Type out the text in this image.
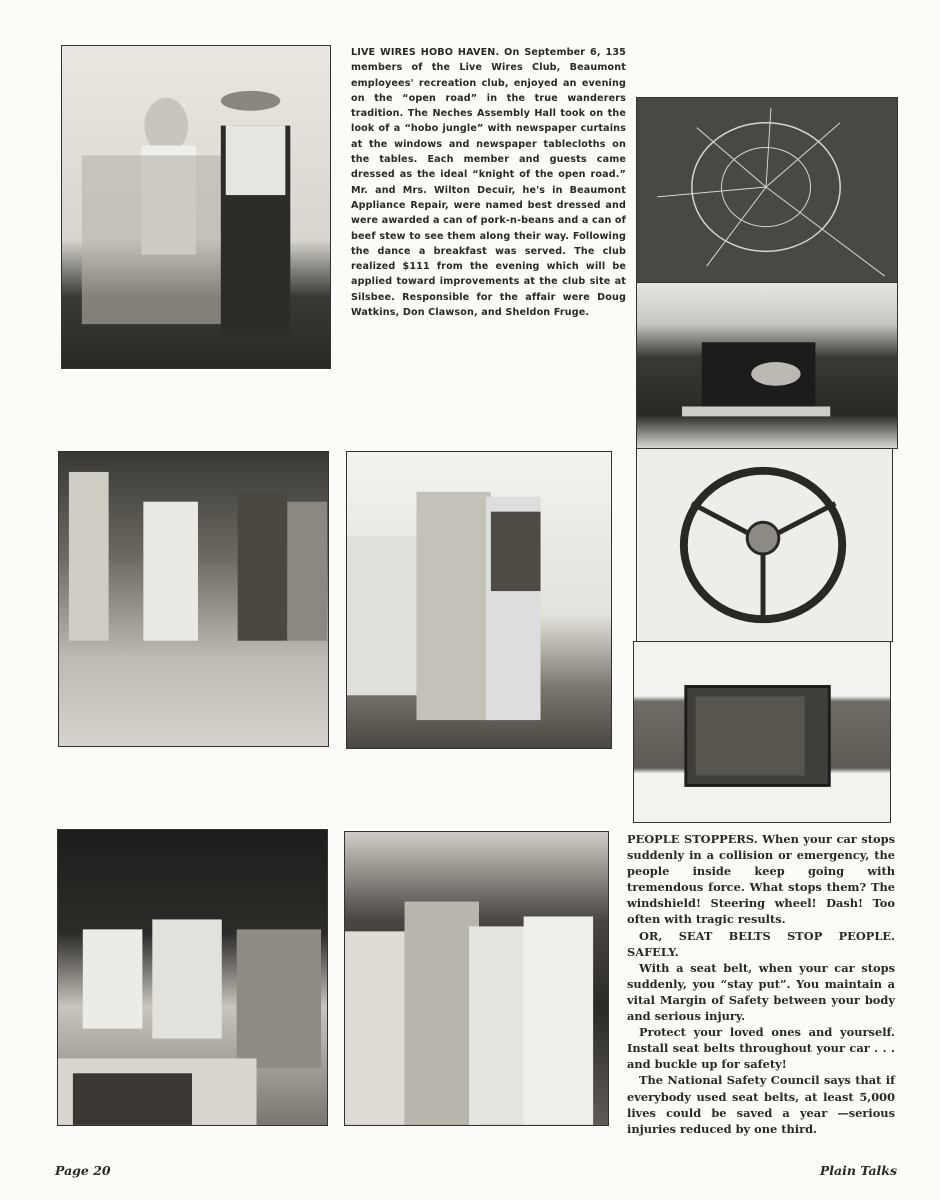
LIVE WIRES HOBO HAVEN. On September 6, 135 members of the Live Wires Club, Beaumont employees' recreation club, enjoyed an evening on the “open road” in the true wanderers tradition. The Neches Assembly Hall took on the look of a “hobo jungle” with newspaper curtains at the windows and newspaper tablecloths on the tables. Each member and guests came dressed as the ideal “knight of the open road.” Mr. and Mrs. Wilton Decuir, he's in Beaumont Appliance Repair, were named best dressed and were awarded a can of pork-n-beans and a can of beef stew to see them along their way. Following the dance a breakfast was served. The club realized $111 from the evening which will be applied toward improvements at the club site at Silsbee. Responsible for the affair were Doug Watkins, Don Clawson, and Sheldon Fruge.

PEOPLE STOPPERS. When your car stops suddenly in a collision or emergency, the people inside keep going with tremendous force. What stops them? The windshield! Steering wheel! Dash! Too often with tragic results.

OR, SEAT BELTS STOP PEOPLE. SAFELY.

With a seat belt, when your car stops suddenly, you “stay put”. You maintain a vital Margin of Safety between your body and serious injury.

Protect your loved ones and yourself. Install seat belts throughout your car . . . and buckle up for safety!

The National Safety Council says that if everybody used seat belts, at least 5,000 lives could be saved a year —serious injuries reduced by one third.

Page 20	Plain Talks
